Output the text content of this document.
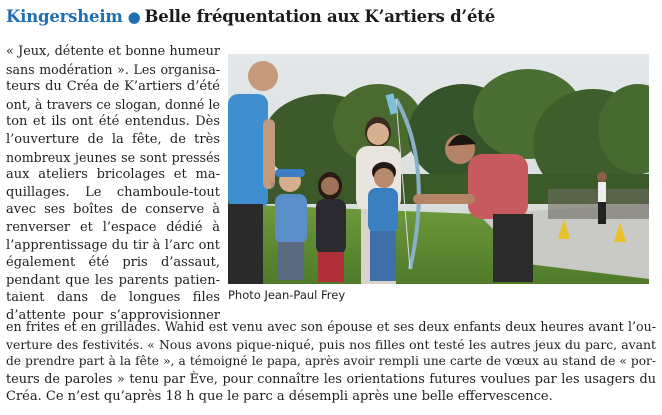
Kingersheim ● Belle fréquentation aux K’artiers d’été
« Jeux, détente et bonne humeur
sans modération ». Les organisa-
teurs du Créa de K’artiers d’été
ont, à travers ce slogan, donné le
ton et ils ont été entendus. Dès
l’ouverture de la fête, de très
nombreux jeunes se sont pressés
aux ateliers bricolages et ma-
quillages. Le chamboule-tout
avec ses boîtes de conserve à
renverser et l’espace dédié à
l’apprentissage du tir à l’arc ont
également été pris d’assaut,
pendant que les parents patien-
taient dans de longues files
d’attente pour s’approvisionner
Photo Jean-Paul Frey
en frites et en grillades. Wahid est venu avec son épouse et ses deux enfants deux heures avant l’ou-
verture des festivités. « Nous avons pique-niqué, puis nos filles ont testé les autres jeux du parc, avant
de prendre part à la fête », a témoigné le papa, après avoir rempli une carte de vœux au stand de « por-
teurs de paroles » tenu par Ève, pour connaître les orientations futures voulues par les usagers du
Créa. Ce n’est qu’après 18 h que le parc a désempli après une belle effervescence.
